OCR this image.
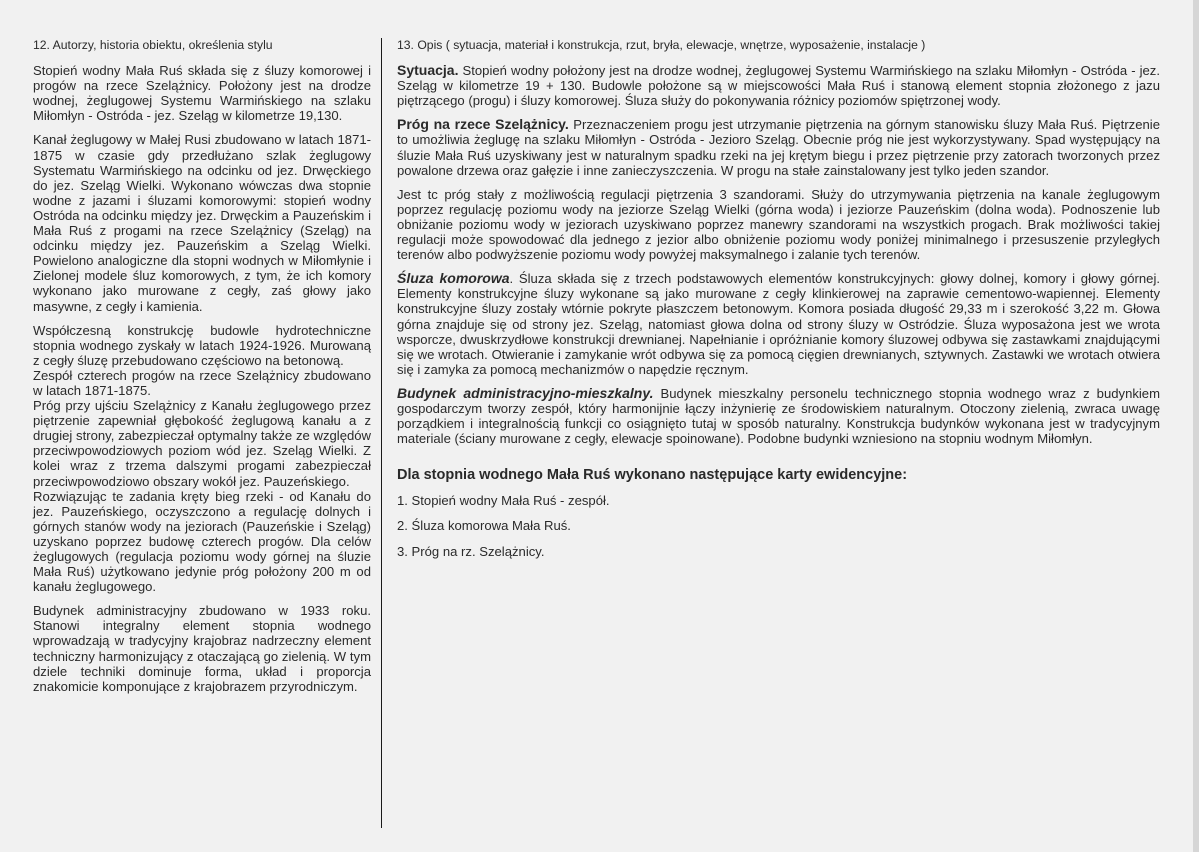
12. Autorzy, historia obiektu, określenia stylu

Stopień wodny Mała Ruś składa się z śluzy komorowej i progów na rzece Szelążnicy. Położony jest na drodze wodnej, żeglugowej Systemu Warmińskiego na szlaku Miłomłyn - Ostróda - jez. Szeląg w kilometrze 19,130.

Kanał żeglugowy w Małej Rusi zbudowano w latach 1871-1875 w czasie gdy przedłużano szlak żeglugowy Systematu Warmińskiego na odcinku od jez. Drwęckiego do jez. Szeląg Wielki. Wykonano wówczas dwa stopnie wodne z jazami i śluzami komorowymi: stopień wodny Ostróda na odcinku między jez. Drwęckim a Pauzeńskim i Mała Ruś z progami na rzece Szelążnicy (Szeląg) na odcinku między jez. Pauzeńskim a Szeląg Wielki. Powielono analogiczne dla stopni wodnych w Miłomłynie i Zielonej modele śluz komorowych, z tym, że ich komory wykonano jako murowane z cegły, zaś głowy jako masywne, z cegły i kamienia.

Współczesną konstrukcję budowle hydrotechniczne stopnia wodnego zyskały w latach 1924-1926. Murowaną z cegły śluzę przebudowano częściowo na betonową.

Zespół czterech progów na rzece Szelążnicy zbudowano w latach 1871-1875.

Próg przy ujściu Szelążnicy z Kanału żeglugowego przez piętrzenie zapewniał głębokość żeglugową kanału a z drugiej strony, zabezpieczał optymalny także ze względów przeciwpowodziowych poziom wód jez. Szeląg Wielki. Z kolei wraz z trzema dalszymi progami zabezpieczał przeciwpowodziowo obszary wokół jez. Pauzeńskiego.

Rozwiązując te zadania kręty bieg rzeki - od Kanału do jez. Pauzeńskiego, oczyszczono a regulację dolnych i górnych stanów wody na jeziorach (Pauzeńskie i Szeląg) uzyskano poprzez budowę czterech progów. Dla celów żeglugowych (regulacja poziomu wody górnej na śluzie Mała Ruś) użytkowano jedynie próg położony 200 m od kanału żeglugowego.

Budynek administracyjny zbudowano w 1933 roku. Stanowi integralny element stopnia wodnego wprowadzają w tradycyjny krajobraz nadrzeczny element techniczny harmonizujący z otaczającą go zielenią. W tym dziele techniki dominuje forma, układ i proporcja znakomicie komponujące z krajobrazem przyrodniczym.

13. Opis ( sytuacja, materiał i konstrukcja, rzut, bryła, elewacje, wnętrze, wyposażenie, instalacje )

Sytuacja. Stopień wodny położony jest na drodze wodnej, żeglugowej Systemu Warmińskiego na szlaku Miłomłyn - Ostróda - jez. Szeląg w kilometrze 19 + 130. Budowle położone są w miejscowości Mała Ruś i stanową element stopnia złożonego z jazu piętrzącego (progu) i śluzy komorowej. Śluza służy do pokonywania różnicy poziomów spiętrzonej wody.

Próg na rzece Szelążnicy. Przeznaczeniem progu jest utrzymanie piętrzenia na górnym stanowisku śluzy Mała Ruś. Piętrzenie to umożliwia żeglugę na szlaku Miłomłyn - Ostróda - Jezioro Szeląg. Obecnie próg nie jest wykorzystywany. Spad występujący na śluzie Mała Ruś uzyskiwany jest w naturalnym spadku rzeki na jej krętym biegu i przez piętrzenie przy zatorach tworzonych przez powalone drzewa oraz gałęzie i inne zanieczyszczenia. W progu na stałe zainstalowany jest tylko jeden szandor.

Jest tc próg stały z możliwością regulacji piętrzenia 3 szandorami. Służy do utrzymywania piętrzenia na kanale żeglugowym poprzez regulację poziomu wody na jeziorze Szeląg Wielki (górna woda) i jeziorze Pauzeńskim (dolna woda). Podnoszenie lub obniżanie poziomu wody w jeziorach uzyskiwano poprzez manewry szandorami na wszystkich progach. Brak możliwości takiej regulacji może spowodować dla jednego z jezior albo obniżenie poziomu wody poniżej minimalnego i przesuszenie przyległych terenów albo podwyższenie poziomu wody powyżej maksymalnego i zalanie tych terenów.

Śluza komorowa. Śluza składa się z trzech podstawowych elementów konstrukcyjnych: głowy dolnej, komory i głowy górnej. Elementy konstrukcyjne śluzy wykonane są jako murowane z cegły klinkierowej na zaprawie cementowo-wapiennej. Elementy konstrukcyjne śluzy zostały wtórnie pokryte płaszczem betonowym. Komora posiada długość 29,33 m i szerokość 3,22 m. Głowa górna znajduje się od strony jez. Szeląg, natomiast głowa dolna od strony śluzy w Ostródzie. Śluza wyposażona jest we wrota wsporcze, dwuskrzydłowe konstrukcji drewnianej. Napełnianie i opróżnianie komory śluzowej odbywa się zastawkami znajdującymi się we wrotach. Otwieranie i zamykanie wrót odbywa się za pomocą cięgien drewnianych, sztywnych. Zastawki we wrotach otwiera się i zamyka za pomocą mechanizmów o napędzie ręcznym.

Budynek administracyjno-mieszkalny. Budynek mieszkalny personelu technicznego stopnia wodnego wraz z budynkiem gospodarczym tworzy zespół, który harmonijnie łączy inżynierię ze środowiskiem naturalnym. Otoczony zielenią, zwraca uwagę porządkiem i integralnością funkcji co osiągnięto tutaj w sposób naturalny. Konstrukcja budynków wykonana jest w tradycyjnym materiale (ściany murowane z cegły, elewacje spoinowane). Podobne budynki wzniesiono na stopniu wodnym Miłomłyn.

Dla stopnia wodnego Mała Ruś wykonano następujące karty ewidencyjne:
1. Stopień wodny Mała Ruś - zespół.
2. Śluza komorowa Mała Ruś.
3. Próg na rz. Szelążnicy.
